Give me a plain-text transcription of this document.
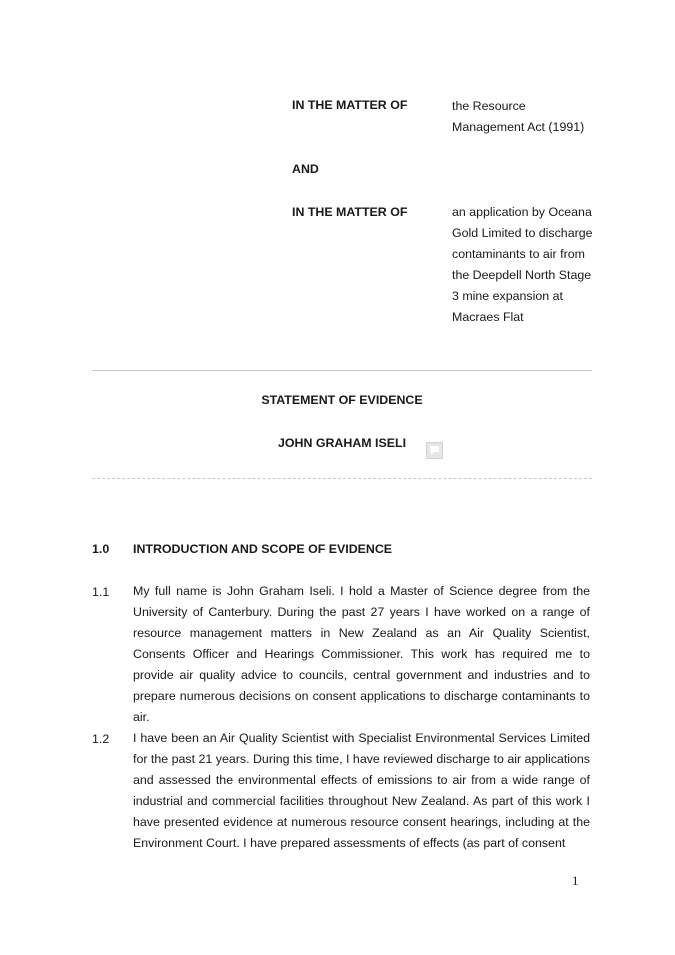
IN THE MATTER OF	the Resource
Management Act (1991)
AND
IN THE MATTER OF	an application by Oceana
Gold Limited to discharge
contaminants to air from
the Deepdell North Stage
3 mine expansion at
Macraes Flat
STATEMENT OF EVIDENCE
JOHN GRAHAM ISELI
1.0 INTRODUCTION AND SCOPE OF EVIDENCE
1.1 My full name is John Graham Iseli. I hold a Master of Science degree from the University of Canterbury. During the past 27 years I have worked on a range of resource management matters in New Zealand as an Air Quality Scientist, Consents Officer and Hearings Commissioner. This work has required me to provide air quality advice to councils, central government and industries and to prepare numerous decisions on consent applications to discharge contaminants to air.
1.2 I have been an Air Quality Scientist with Specialist Environmental Services Limited for the past 21 years. During this time, I have reviewed discharge to air applications and assessed the environmental effects of emissions to air from a wide range of industrial and commercial facilities throughout New Zealand. As part of this work I have presented evidence at numerous resource consent hearings, including at the Environment Court. I have prepared assessments of effects (as part of consent
1
